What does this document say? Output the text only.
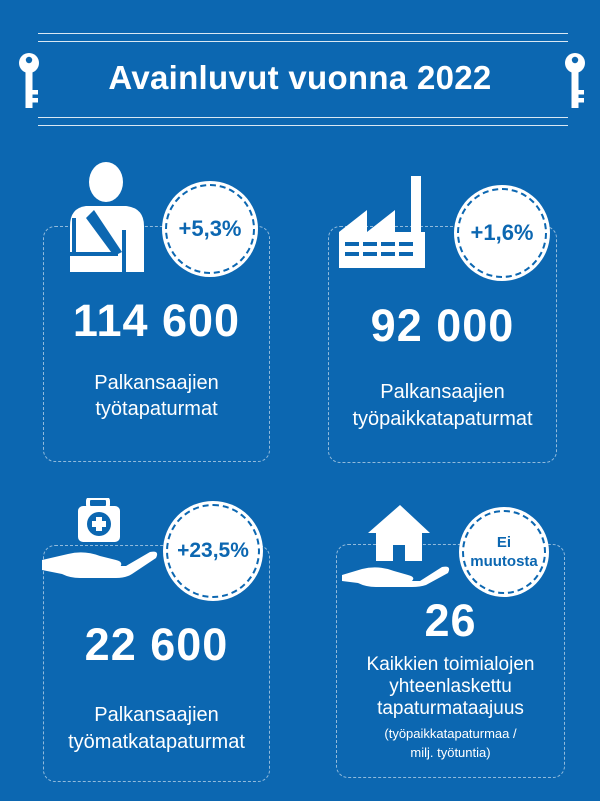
Avainluvut vuonna 2022
+5,3%
114 600
Palkansaajien
työtapaturmat
+1,6%
92 000
Palkansaajien
työpaikkatapaturmat
+23,5%
22 600
Palkansaajien
työmatkatapaturmat
Ei
muutosta
26
Kaikkien toimialojen
yhteenlaskettu
tapaturmataajuus
(työpaikkatapaturmaa /
milj. työtuntia)
